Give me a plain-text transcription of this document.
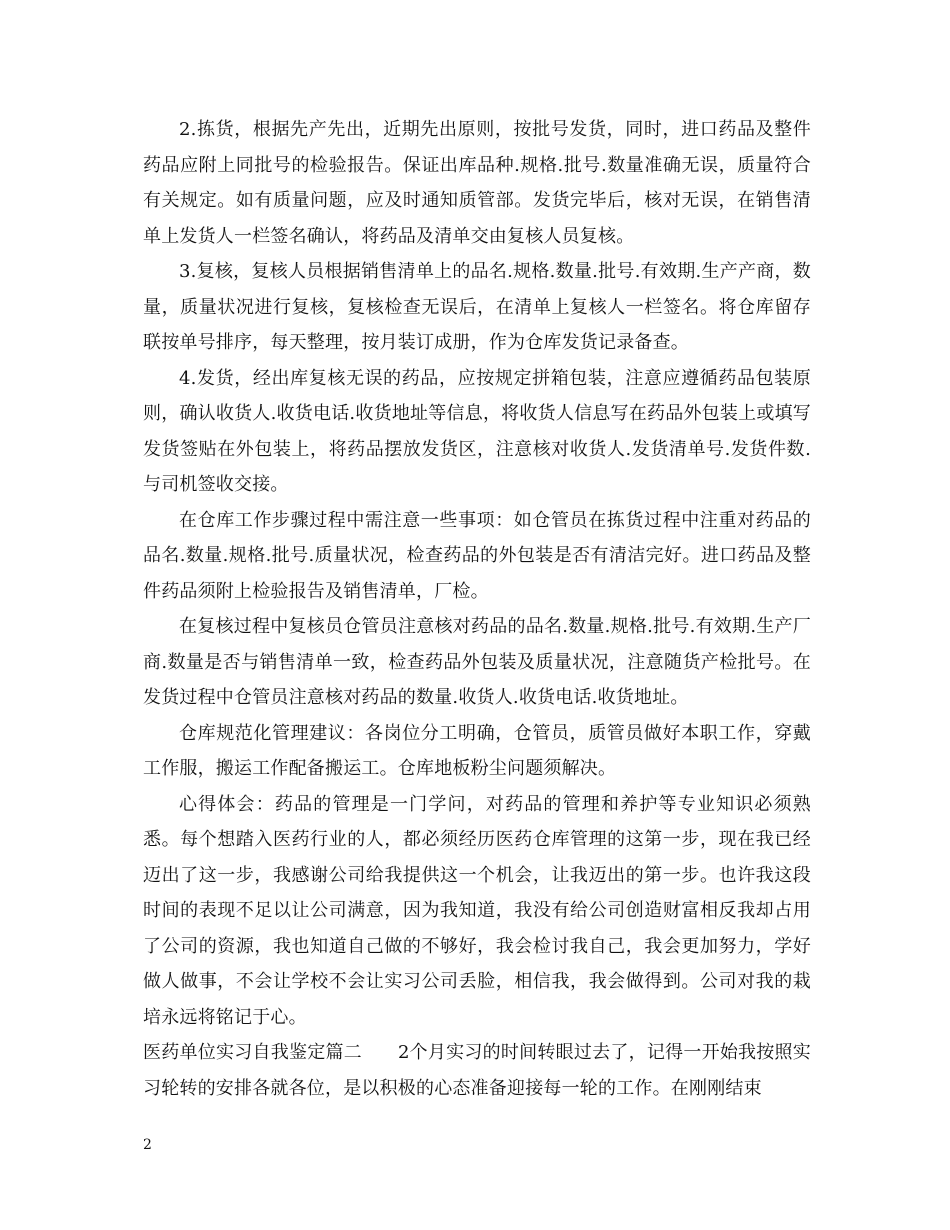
2.拣货，根据先产先出，近期先出原则，按批号发货，同时，进口药品及整件药品应附上同批号的检验报告。保证出库品种.规格.批号.数量准确无误，质量符合有关规定。如有质量问题，应及时通知质管部。发货完毕后，核对无误，在销售清单上发货人一栏签名确认，将药品及清单交由复核人员复核。

3.复核，复核人员根据销售清单上的品名.规格.数量.批号.有效期.生产产商，数量，质量状况进行复核，复核检查无误后，在清单上复核人一栏签名。将仓库留存联按单号排序，每天整理，按月装订成册，作为仓库发货记录备查。

4.发货，经出库复核无误的药品，应按规定拼箱包装，注意应遵循药品包装原则，确认收货人.收货电话.收货地址等信息，将收货人信息写在药品外包装上或填写发货签贴在外包装上，将药品摆放发货区，注意核对收货人.发货清单号.发货件数.与司机签收交接。

在仓库工作步骤过程中需注意一些事项：如仓管员在拣货过程中注重对药品的品名.数量.规格.批号.质量状况，检查药品的外包装是否有清洁完好。进口药品及整件药品须附上检验报告及销售清单，厂检。

在复核过程中复核员仓管员注意核对药品的品名.数量.规格.批号.有效期.生产厂商.数量是否与销售清单一致，检查药品外包装及质量状况，注意随货产检批号。在发货过程中仓管员注意核对药品的数量.收货人.收货电话.收货地址。

仓库规范化管理建议：各岗位分工明确，仓管员，质管员做好本职工作，穿戴工作服，搬运工作配备搬运工。仓库地板粉尘问题须解决。

心得体会：药品的管理是一门学问，对药品的管理和养护等专业知识必须熟悉。每个想踏入医药行业的人，都必须经历医药仓库管理的这第一步，现在我已经迈出了这一步，我感谢公司给我提供这一个机会，让我迈出的第一步。也许我这段时间的表现不足以让公司满意，因为我知道，我没有给公司创造财富相反我却占用了公司的资源，我也知道自己做的不够好，我会检讨我自己，我会更加努力，学好做人做事，不会让学校不会让实习公司丢脸，相信我，我会做得到。公司对我的栽培永远将铭记于心。

医药单位实习自我鉴定篇二 2个月实习的时间转眼过去了，记得一开始我按照实习轮转的安排各就各位，是以积极的心态准备迎接每一轮的工作。在刚刚结束

2
